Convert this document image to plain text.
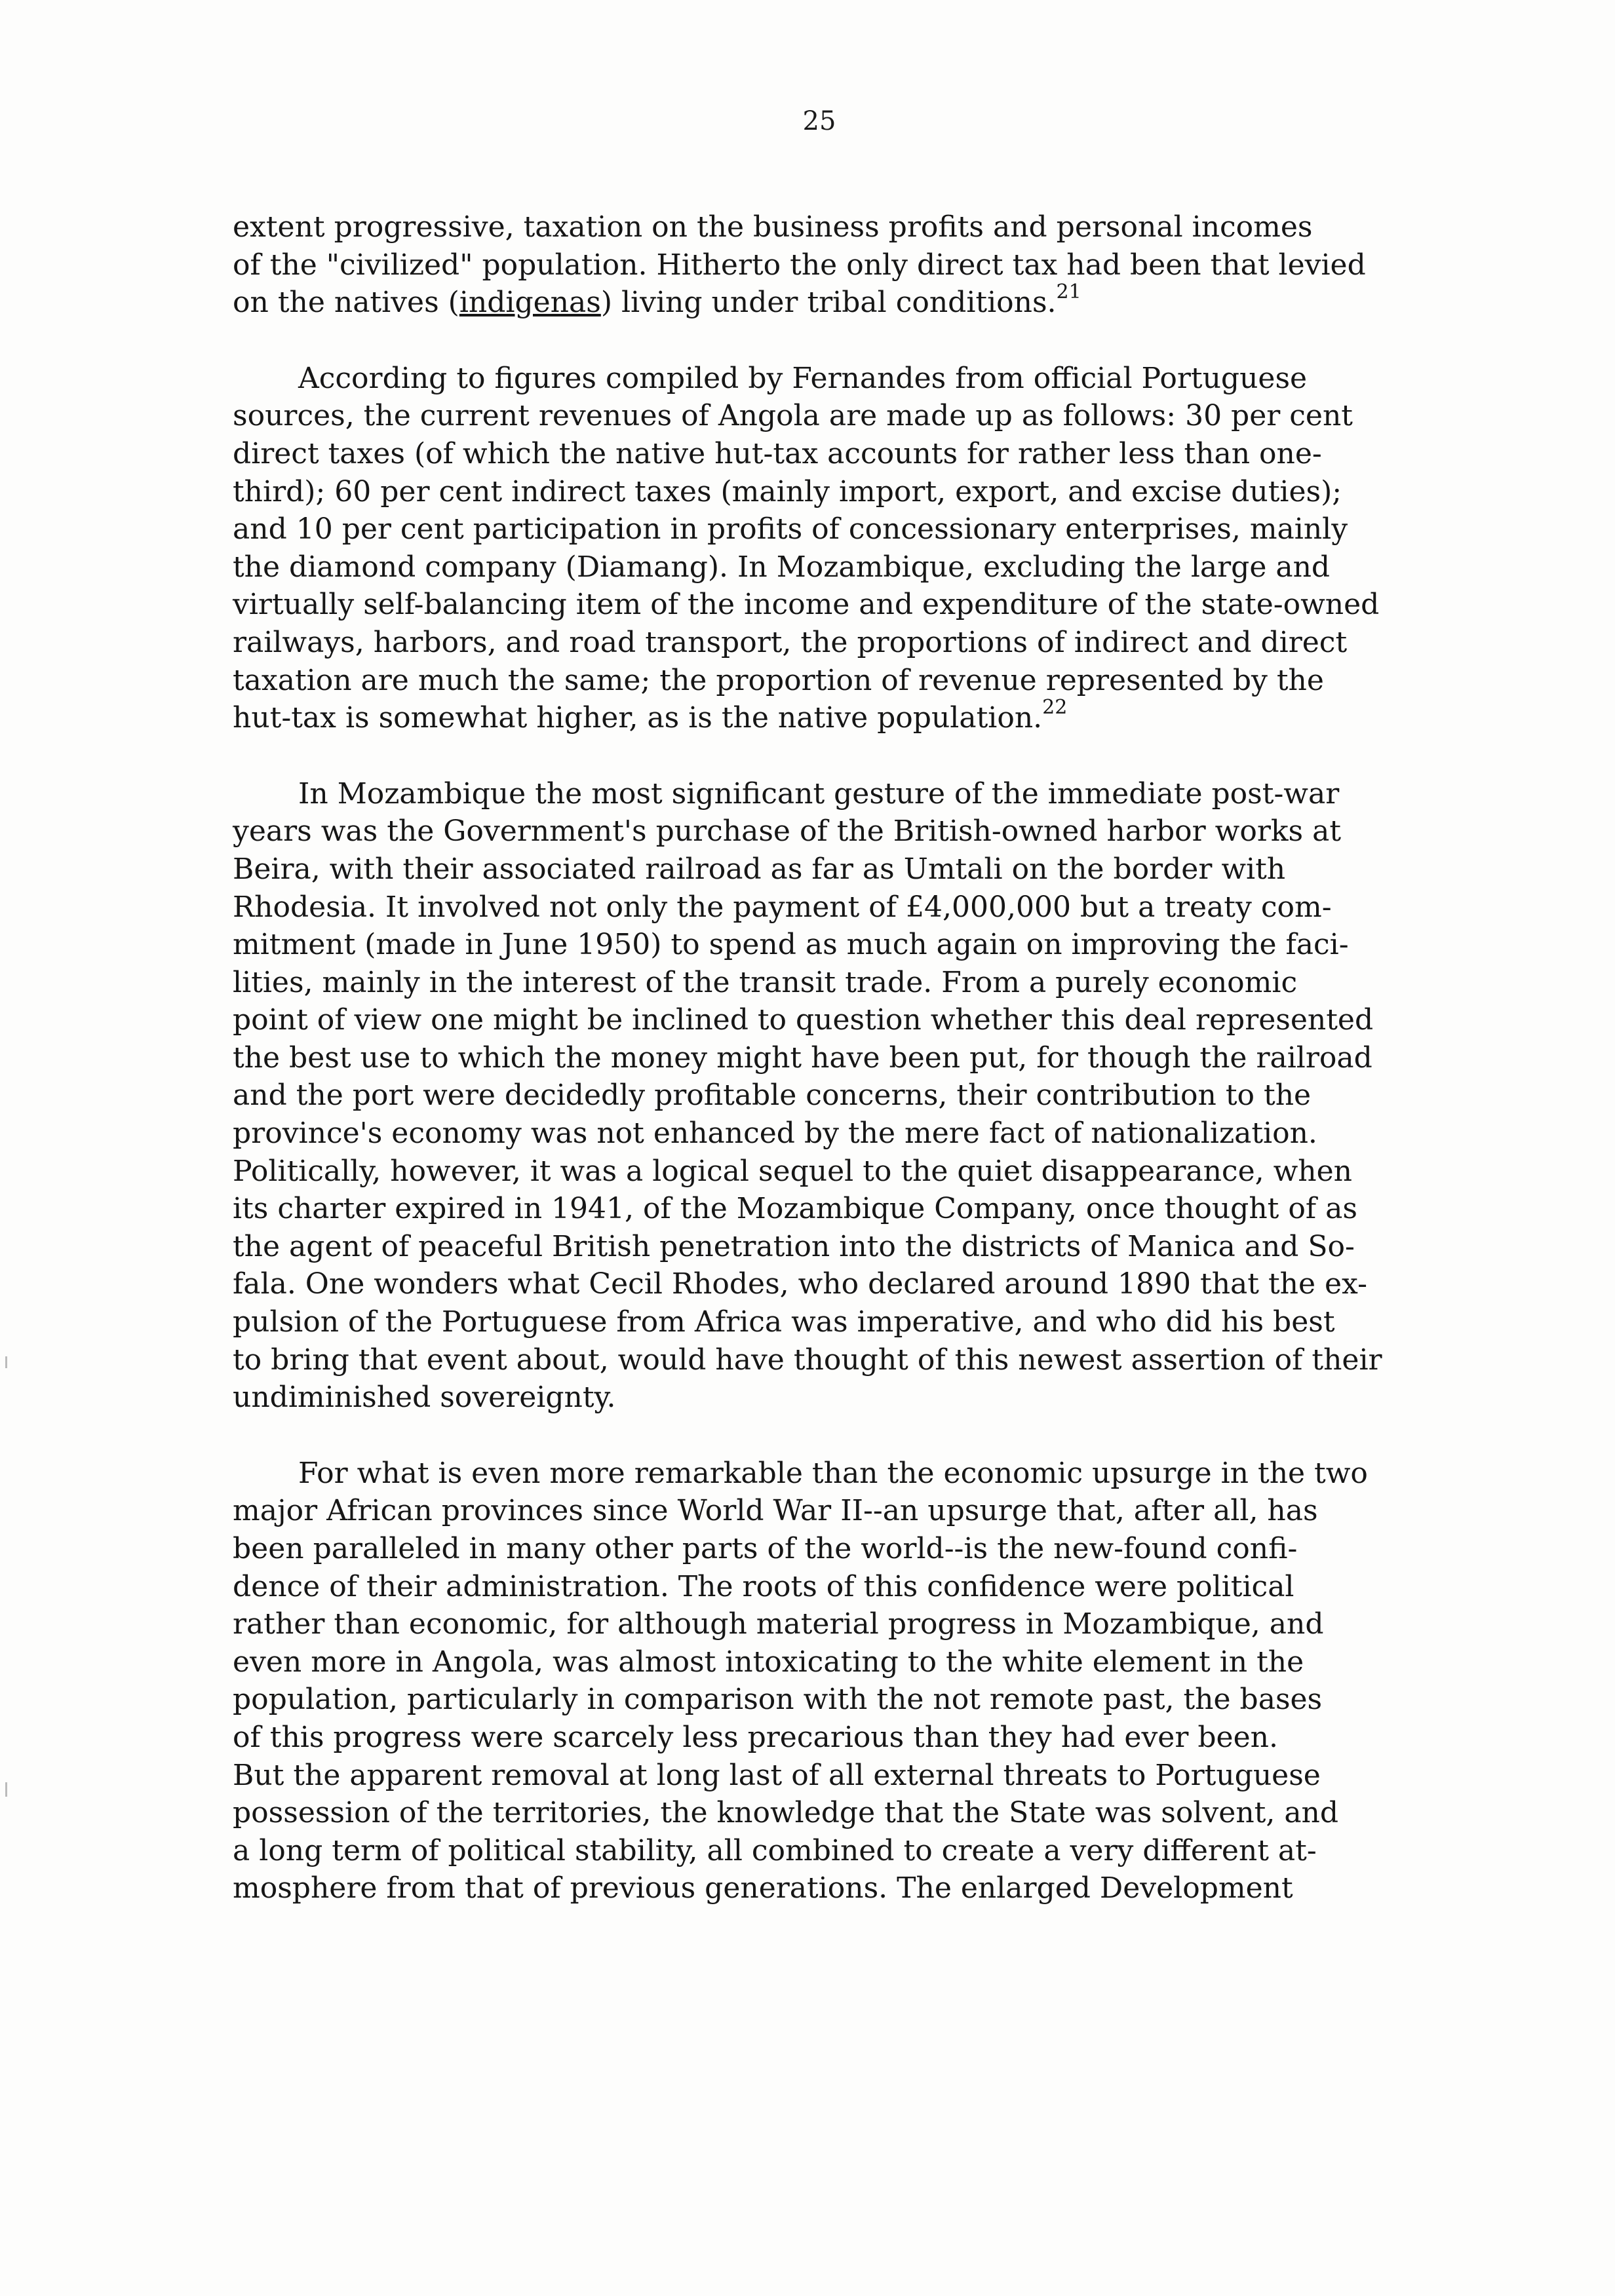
25
extent progressive, taxation on the business profits and personal incomes
of the "civilized" population. Hitherto the only direct tax had been that levied
on the natives (indigenas) living under tribal conditions.$^{21}$
According to figures compiled by Fernandes from official Portuguese
sources, the current revenues of Angola are made up as follows: 30 per cent
direct taxes (of which the native hut-tax accounts for rather less than one-
third); 60 per cent indirect taxes (mainly import, export, and excise duties);
and 10 per cent participation in profits of concessionary enterprises, mainly
the diamond company (Diamang). In Mozambique, excluding the large and
virtually self-balancing item of the income and expenditure of the state-owned
railways, harbors, and road transport, the proportions of indirect and direct
taxation are much the same; the proportion of revenue represented by the
hut-tax is somewhat higher, as is the native population.$^{22}$
In Mozambique the most significant gesture of the immediate post-war
years was the Government's purchase of the British-owned harbor works at
Beira, with their associated railroad as far as Umtali on the border with
Rhodesia. It involved not only the payment of £4,000,000 but a treaty com-
mitment (made in June 1950) to spend as much again on improving the faci-
lities, mainly in the interest of the transit trade. From a purely economic
point of view one might be inclined to question whether this deal represented
the best use to which the money might have been put, for though the railroad
and the port were decidedly profitable concerns, their contribution to the
province's economy was not enhanced by the mere fact of nationalization.
Politically, however, it was a logical sequel to the quiet disappearance, when
its charter expired in 1941, of the Mozambique Company, once thought of as
the agent of peaceful British penetration into the districts of Manica and So-
fala. One wonders what Cecil Rhodes, who declared around 1890 that the ex-
pulsion of the Portuguese from Africa was imperative, and who did his best
to bring that event about, would have thought of this newest assertion of their
undiminished sovereignty.
For what is even more remarkable than the economic upsurge in the two
major African provinces since World War II--an upsurge that, after all, has
been paralleled in many other parts of the world--is the new-found confi-
dence of their administration. The roots of this confidence were political
rather than economic, for although material progress in Mozambique, and
even more in Angola, was almost intoxicating to the white element in the
population, particularly in comparison with the not remote past, the bases
of this progress were scarcely less precarious than they had ever been.
But the apparent removal at long last of all external threats to Portuguese
possession of the territories, the knowledge that the State was solvent, and
a long term of political stability, all combined to create a very different at-
mosphere from that of previous generations. The enlarged Development
